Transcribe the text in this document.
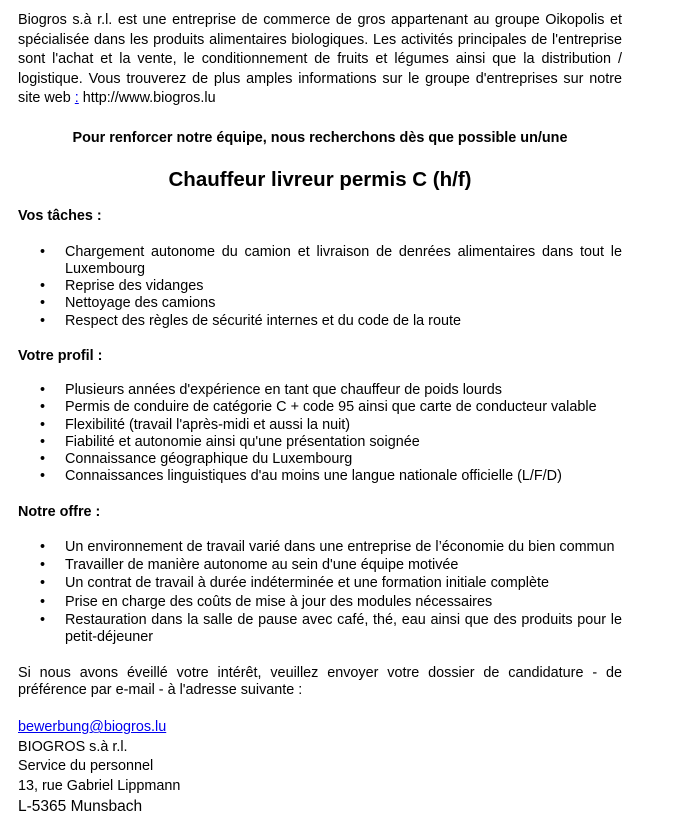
Biogros s.à r.l. est une entreprise de commerce de gros appartenant au groupe Oikopolis et spécialisée dans les produits alimentaires biologiques. Les activités principales de l'entreprise sont l'achat et la vente, le conditionnement de fruits et légumes ainsi que la distribution / logistique. Vous trouverez de plus amples informations sur le groupe d'entreprises sur notre site web : http://www.biogros.lu

Pour renforcer notre équipe, nous recherchons dès que possible un/une

Chauffeur livreur permis C (h/f)

Vos tâches :

• Chargement autonome du camion et livraison de denrées alimentaires dans tout le Luxembourg
• Reprise des vidanges
• Nettoyage des camions
• Respect des règles de sécurité internes et du code de la route

Votre profil :

• Plusieurs années d'expérience en tant que chauffeur de poids lourds
• Permis de conduire de catégorie C + code 95 ainsi que carte de conducteur valable
• Flexibilité (travail l'après-midi et aussi la nuit)
• Fiabilité et autonomie ainsi qu'une présentation soignée
• Connaissance géographique du Luxembourg
• Connaissances linguistiques d'au moins une langue nationale officielle (L/F/D)

Notre offre :

• Un environnement de travail varié dans une entreprise de l’économie du bien commun
• Travailler de manière autonome au sein d'une équipe motivée
• Un contrat de travail à durée indéterminée et une formation initiale complète
• Prise en charge des coûts de mise à jour des modules nécessaires
• Restauration dans la salle de pause avec café, thé, eau ainsi que des produits pour le petit-déjeuner

Si nous avons éveillé votre intérêt, veuillez envoyer votre dossier de candidature - de préférence par e-mail - à l'adresse suivante :

bewerbung@biogros.lu

BIOGROS s.à r.l.

Service du personnel

13, rue Gabriel Lippmann

L-5365 Munsbach
